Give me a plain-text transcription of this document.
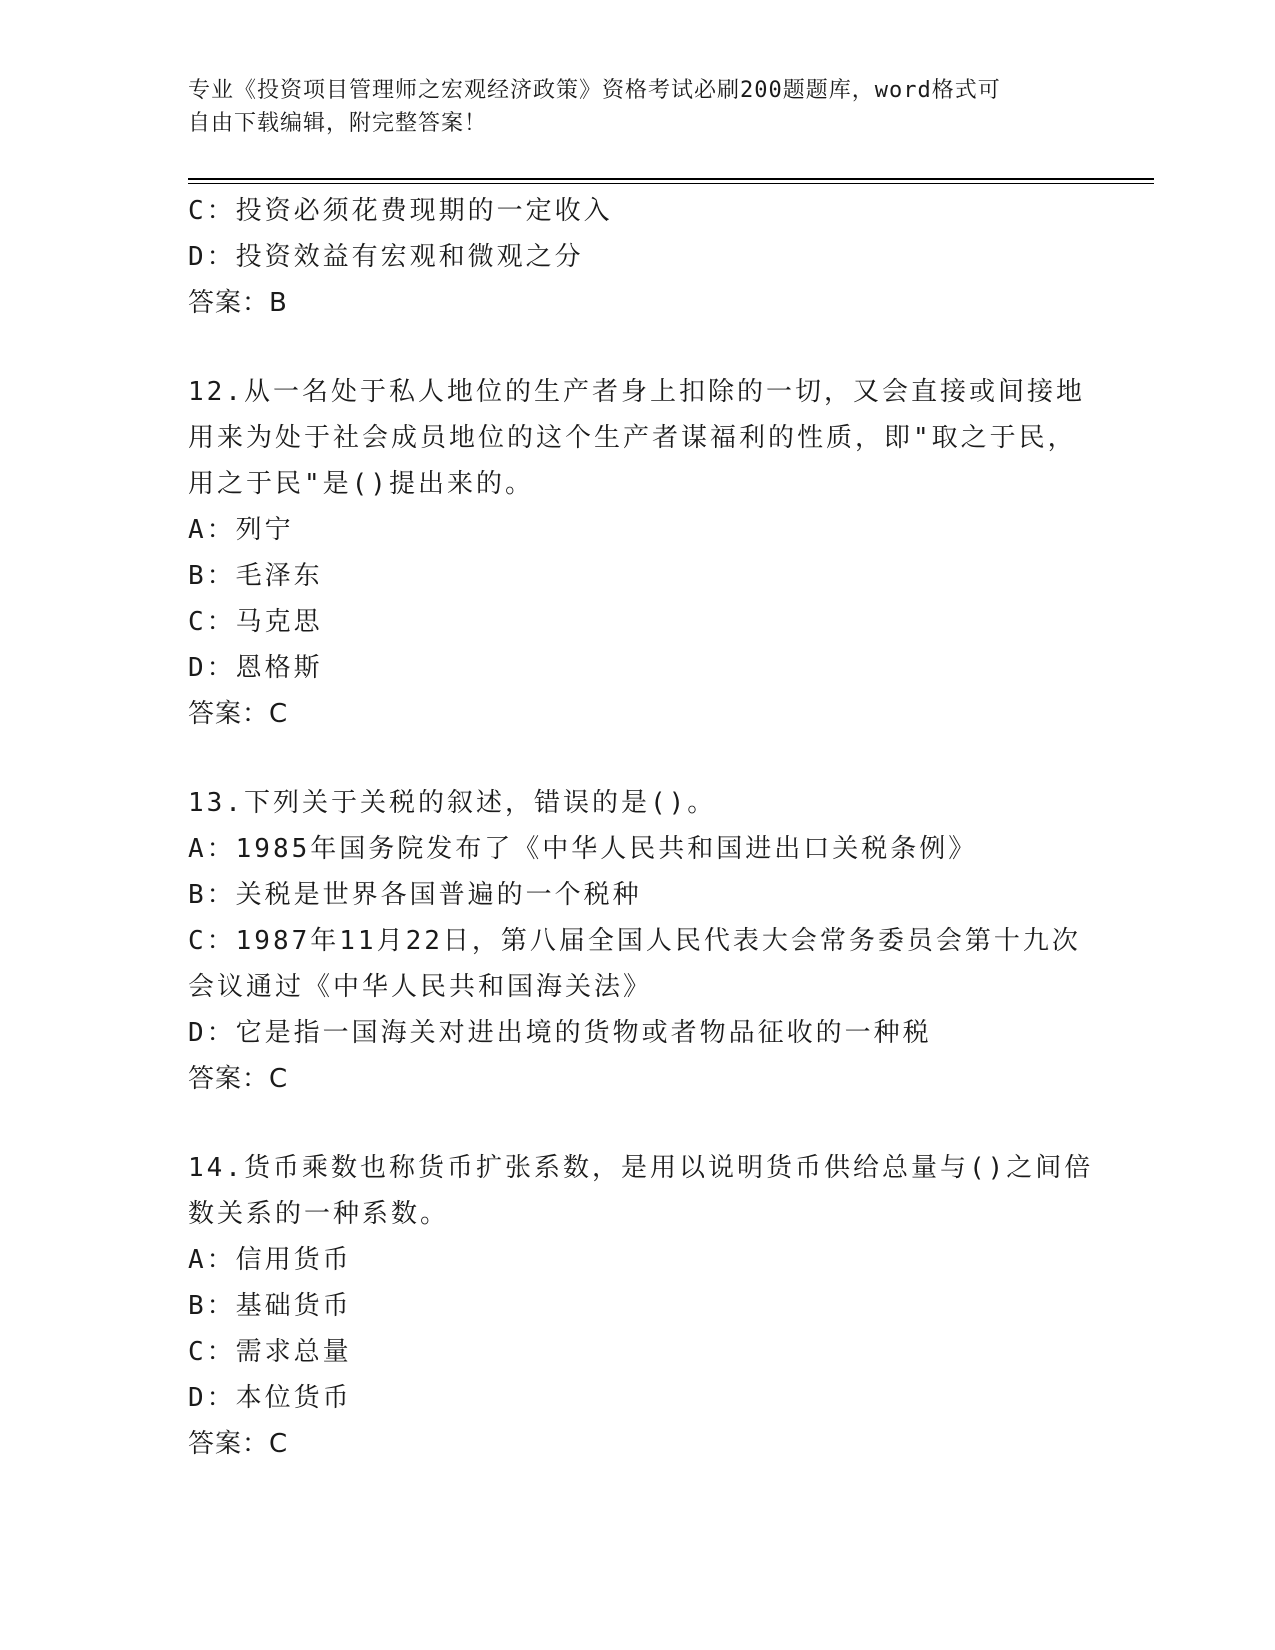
专业《投资项目管理师之宏观经济政策》资格考试必刷200题题库，word格式可
自由下载编辑，附完整答案！
C：投资必须花费现期的一定收入
D：投资效益有宏观和微观之分
答案：B
12.从一名处于私人地位的生产者身上扣除的一切，又会直接或间接地
用来为处于社会成员地位的这个生产者谋福利的性质，即"取之于民，
用之于民"是()提出来的。
A：列宁
B：毛泽东
C：马克思
D：恩格斯
答案：C
13.下列关于关税的叙述，错误的是()。
A：1985年国务院发布了《中华人民共和国进出口关税条例》
B：关税是世界各国普遍的一个税种
C：1987年11月22日，第八届全国人民代表大会常务委员会第十九次
会议通过《中华人民共和国海关法》
D：它是指一国海关对进出境的货物或者物品征收的一种税
答案：C
14.货币乘数也称货币扩张系数，是用以说明货币供给总量与()之间倍
数关系的一种系数。
A：信用货币
B：基础货币
C：需求总量
D：本位货币
答案：C
